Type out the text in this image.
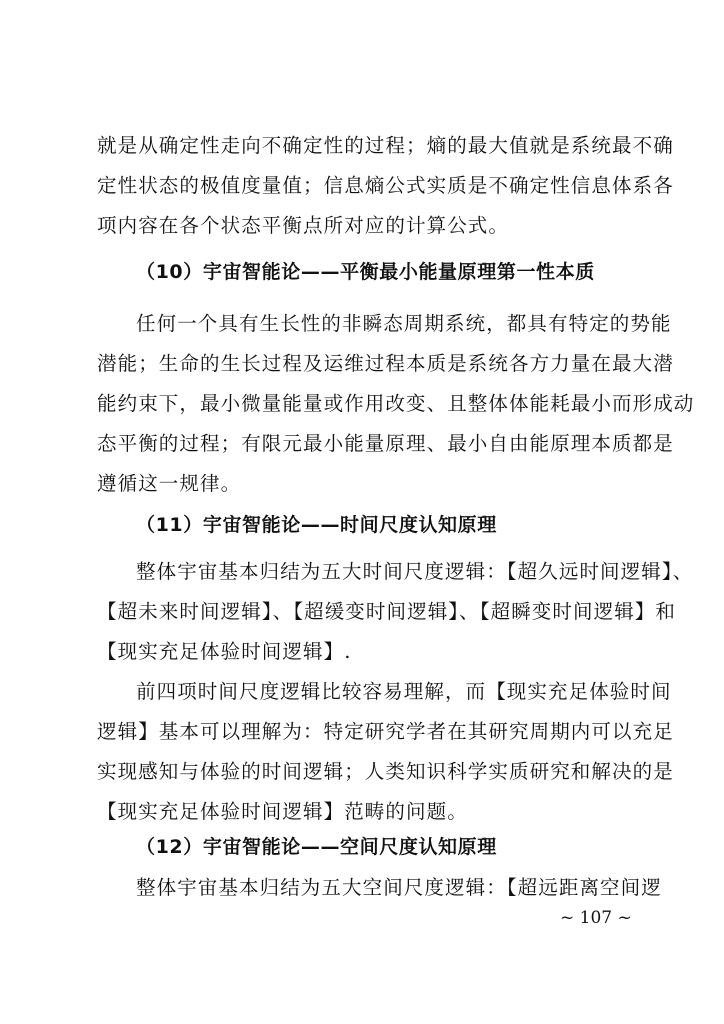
就是从确定性走向不确定性的过程；熵的最大值就是系统最不确
定性状态的极值度量值；信息熵公式实质是不确定性信息体系各
项内容在各个状态平衡点所对应的计算公式。
（10）宇宙智能论——平衡最小能量原理第一性本质
任何一个具有生长性的非瞬态周期系统，都具有特定的势能
潜能；生命的生长过程及运维过程本质是系统各方力量在最大潜
能约束下，最小微量能量或作用改变、且整体体能耗最小而形成动
态平衡的过程；有限元最小能量原理、最小自由能原理本质都是
遵循这一规律。
（11）宇宙智能论——时间尺度认知原理
整体宇宙基本归结为五大时间尺度逻辑：【超久远时间逻辑】、
【超未来时间逻辑】、【超缓变时间逻辑】、【超瞬变时间逻辑】和
【现实充足体验时间逻辑】.
前四项时间尺度逻辑比较容易理解，而【现实充足体验时间
逻辑】基本可以理解为：特定研究学者在其研究周期内可以充足
实现感知与体验的时间逻辑；人类知识科学实质研究和解决的是
【现实充足体验时间逻辑】范畴的问题。
（12）宇宙智能论——空间尺度认知原理
整体宇宙基本归结为五大空间尺度逻辑：【超远距离空间逻
~ 107 ~
